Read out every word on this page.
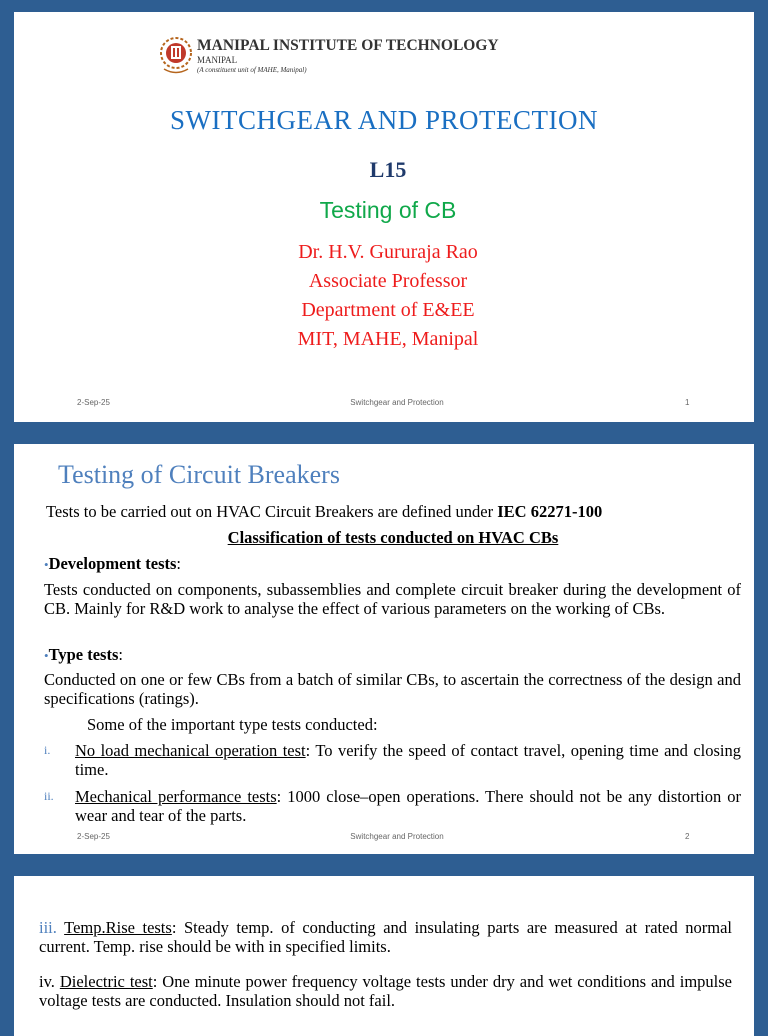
MANIPAL INSTITUTE OF TECHNOLOGY
MANIPAL
(A constituent unit of MAHE, Manipal)
SWITCHGEAR AND PROTECTION
L15
Testing of CB
Dr. H.V. Gururaja Rao
Associate Professor
Department of E&EE
MIT, MAHE, Manipal
2-Sep-25	Switchgear and Protection	1
Testing of Circuit Breakers
Tests to be carried out on HVAC Circuit Breakers are defined under IEC 62271-100
Classification of tests conducted on HVAC CBs
•Development tests:
Tests conducted on components, subassemblies and complete circuit breaker during the development of CB. Mainly for R&D work to analyse the effect of various parameters on the working of CBs.
•Type tests:
Conducted on one or few CBs from a batch of similar CBs, to ascertain the correctness of the design and specifications (ratings).
Some of the important type tests conducted:
i. No load mechanical operation test: To verify the speed of contact travel, opening time and closing time.
ii. Mechanical performance tests: 1000 close–open operations. There should not be any distortion or wear and tear of the parts.
2-Sep-25	Switchgear and Protection	2
iii. Temp.Rise tests: Steady temp. of conducting and insulating parts are measured at rated normal current. Temp. rise should be with in specified limits.
iv. Dielectric test: One minute power frequency voltage tests under dry and wet conditions and impulse voltage tests are conducted. Insulation should not fail.
